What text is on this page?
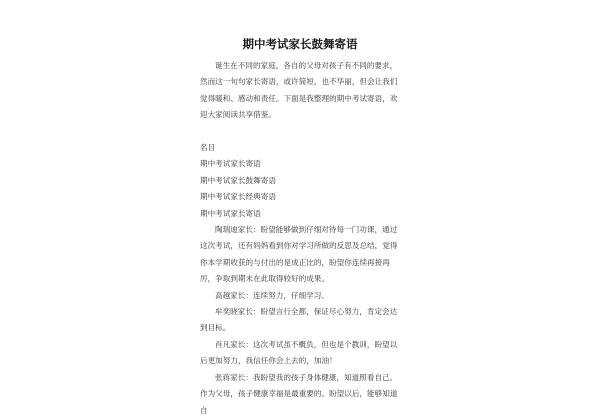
期中考试家长鼓舞寄语

诞生在不同的家庭，各自的父母对孩子有不同的要求，然而这一句句家长寄语，或许简短，也不华丽，但会让我们觉得暖和、感动和责任。下面是我整理的期中考试寄语，欢迎大家阅读共享借鉴。

名目

期中考试家长寄语

期中考试家长鼓舞寄语

期中考试家长经典寄语

期中考试家长寄语

陶瑞迪家长：盼望能够做到仔细对待每一门功课，通过这次考试，还有妈妈看到你对学习所做的反思及总结，觉得你本学期收获的与付出的是成正比的，盼望你连续再接再厉，争取到期末在此取得较好的成果。

高越家长：连续努力，仔细学习。

牟奕晓家长：盼望言行全都，保证尽心努力，肯定会达到目标。

肖凡家长：这次考试虽不概负，但也是个教训，盼望以后更加努力，我信任你会上去的，加油！

张蒋家长：我盼望我的孩子身体健康，知道照看自己。作为父母，孩子健康幸福是最重要的。盼望以后，能够知道自
